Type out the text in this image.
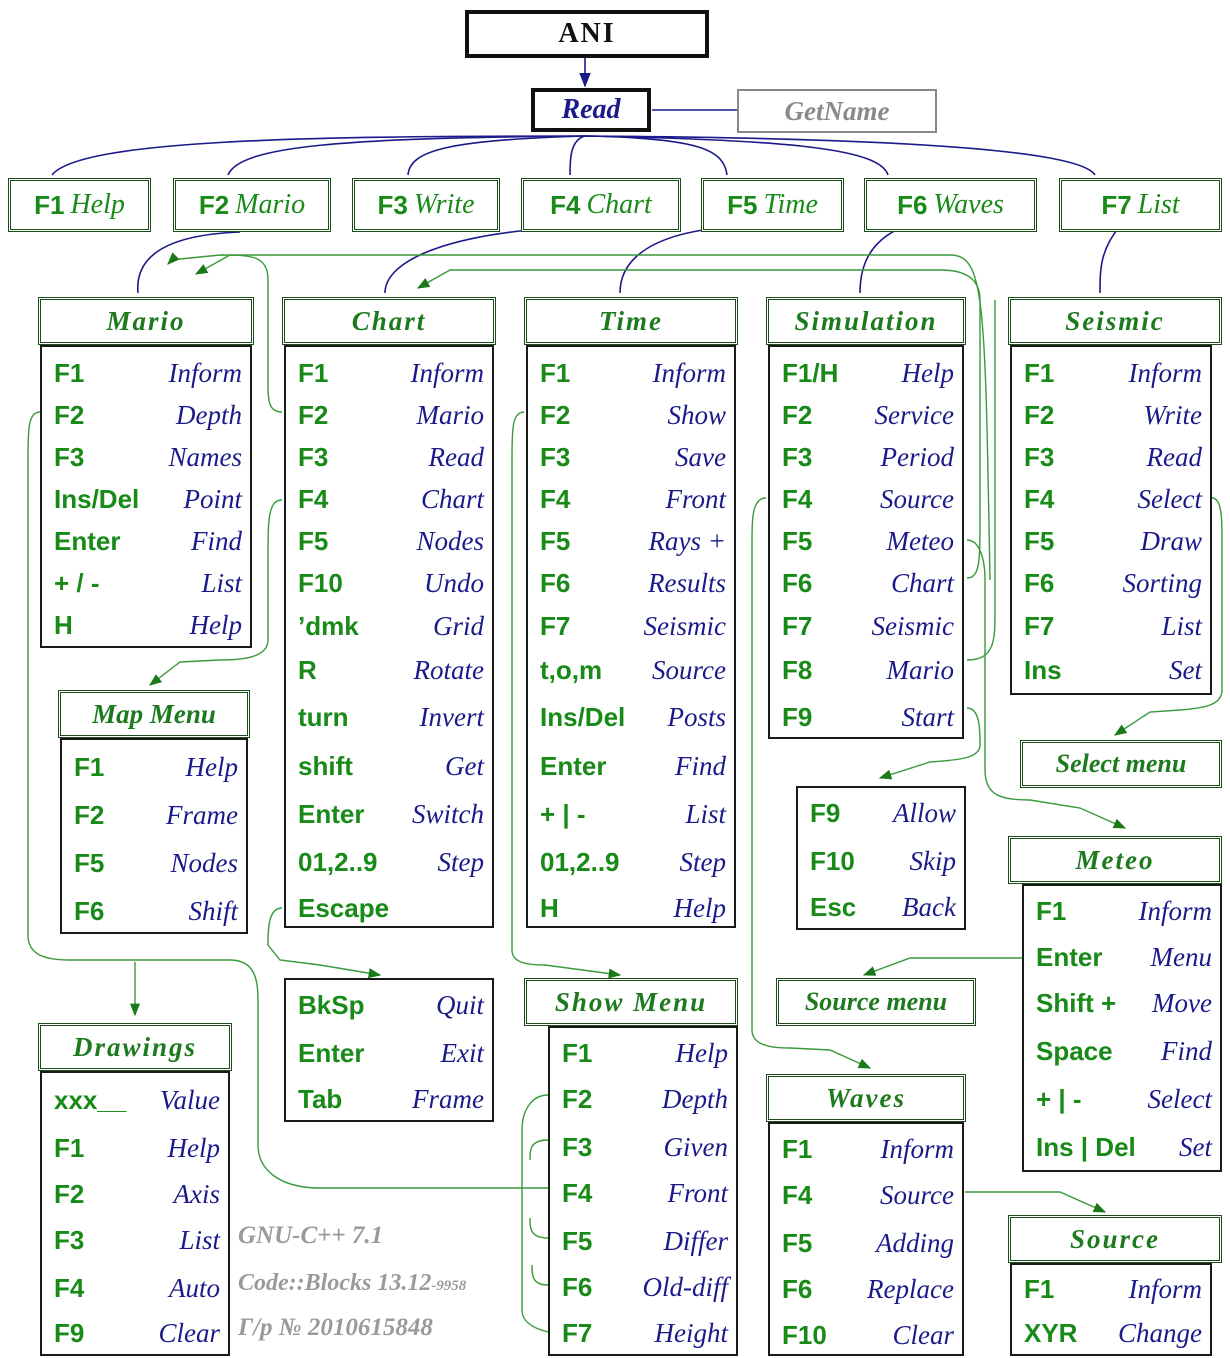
ANI
Read	GetName
F1 Help	F2 Mario	F3 Write	F4 Chart	F5 Time	F6 Waves	F7 List
Mario
F1	Inform
F2	Depth
F3	Names
Ins/Del Point
Enter	Find
+ / -	List
H	Help
Map Menu
F1	Help
F2 Frame
F5 Nodes
F6	Shift
Drawings
xxx__ Value
F1	Help
F2	Axis
F3	List
F4	Auto
F9	Clear
Chart
F1	Inform
F2	Mario
F3	Read
F4	Chart
F5	Nodes
F10	Undo
’dmk	Grid
R	Rotate
turn	Invert
shift	Get
Enter Switch
01,2..9 Step
Escape
BkSp	Quit
Enter	Exit
Tab	Frame
Time
F1	Inform
F2	Show
F3	Save
F4	Front
F5	Rays +
F6	Results
F7	Seismic
t,o,m Source
Ins/Del Posts
Enter	Find
+ | -	List
01,2..9 Step
H	Help
Show Menu
F1	Help
F2	Depth
F3	Given
F4	Front
F5	Differ
F6 Old-diff
F7 Height
Simulation
F1/H Help
F2 Service
F3	Period
F4	Source
F5	Meteo
F6	Chart
F7 Seismic
F8	Mario
F9	Start
F9 Allow
F10 Skip
Esc Back
Source menu
Waves
F1	Inform
F4	Source
F5 Adding
F6 Replace
F10 Clear
Seismic
F1	Inform
F2	Write
F3	Read
F4	Select
F5	Draw
F6	Sorting
F7	List
Ins	Set
Select menu
Meteo
F1	Inform
Enter Menu
Shift + Move
Space Find
+ | - Select
Ins | Del Set
Source
F1	Inform
XYR Change
GNU-C++ 7.1
Code::Blocks 13.12-9958
Г/р № 2010615848
